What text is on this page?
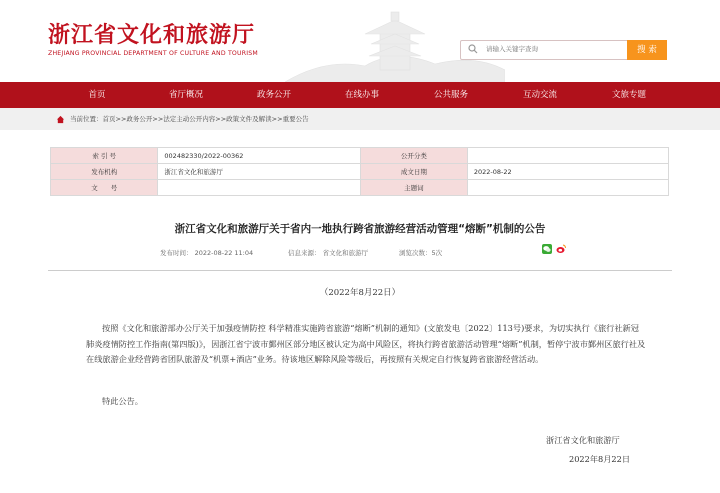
浙江省文化和旅游厅
ZHEJIANG PROVINCIAL DEPARTMENT OF CULTURE AND TOURISM
请输入关键字查询	搜 索
首页	省厅概况	政务公开	在线办事	公共服务	互动交流	文旅专题
当前位置：首页>>政务公开>>法定主动公开内容>>政策文件及解读>>重要公告
索 引 号	002482330/2022-00362	公开分类	
发布机构	浙江省文化和旅游厅	成文日期	2022-08-22
文　　号		主题词	
浙江省文化和旅游厅关于省内一地执行跨省旅游经营活动管理“熔断”机制的公告
发布时间： 2022-08-22 11:04	信息来源： 省文化和旅游厅	浏览次数：5次
（2022年8月22日）

按照《文化和旅游部办公厅关于加强疫情防控 科学精准实施跨省旅游“熔断”机制的通知》(文旅发电〔2022〕113号)要求，为切实执行《旅行社新冠肺炎疫情防控工作指南(第四版)》，因浙江省宁波市鄞州区部分地区被认定为高中风险区，将执行跨省旅游活动管理“熔断”机制，暂停宁波市鄞州区旅行社及在线旅游企业经营跨省团队旅游及“机票+酒店”业务。待该地区解除风险等级后，再按照有关规定自行恢复跨省旅游经营活动。

特此公告。
浙江省文化和旅游厅
2022年8月22日
